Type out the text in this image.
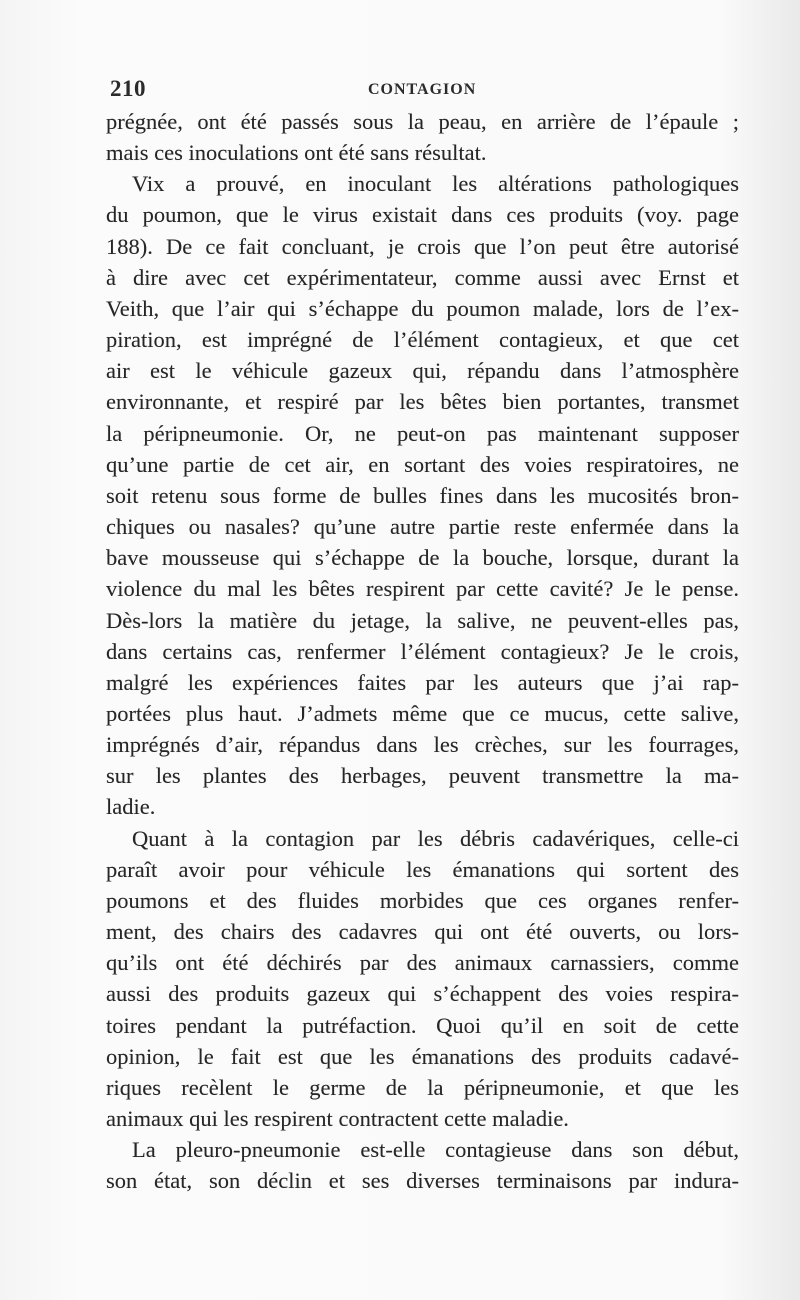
210	CONTAGION
prégnée, ont été passés sous la peau, en arrière de l’épaule ;
mais ces inoculations ont été sans résultat.
Vix a prouvé, en inoculant les altérations pathologiques
du poumon, que le virus existait dans ces produits (voy. page
188). De ce fait concluant, je crois que l’on peut être autorisé
à dire avec cet expérimentateur, comme aussi avec Ernst et
Veith, que l’air qui s’échappe du poumon malade, lors de l’ex-
piration, est imprégné de l’élément contagieux, et que cet
air est le véhicule gazeux qui, répandu dans l’atmosphère
environnante, et respiré par les bêtes bien portantes, transmet
la péripneumonie. Or, ne peut-on pas maintenant supposer
qu’une partie de cet air, en sortant des voies respiratoires, ne
soit retenu sous forme de bulles fines dans les mucosités bron-
chiques ou nasales? qu’une autre partie reste enfermée dans la
bave mousseuse qui s’échappe de la bouche, lorsque, durant la
violence du mal les bêtes respirent par cette cavité? Je le pense.
Dès-lors la matière du jetage, la salive, ne peuvent-elles pas,
dans certains cas, renfermer l’élément contagieux? Je le crois,
malgré les expériences faites par les auteurs que j’ai rap-
portées plus haut. J’admets même que ce mucus, cette salive,
imprégnés d’air, répandus dans les crèches, sur les fourrages,
sur les plantes des herbages, peuvent transmettre la ma-
ladie.
Quant à la contagion par les débris cadavériques, celle-ci
paraît avoir pour véhicule les émanations qui sortent des
poumons et des fluides morbides que ces organes renfer-
ment, des chairs des cadavres qui ont été ouverts, ou lors-
qu’ils ont été déchirés par des animaux carnassiers, comme
aussi des produits gazeux qui s’échappent des voies respira-
toires pendant la putréfaction. Quoi qu’il en soit de cette
opinion, le fait est que les émanations des produits cadavé-
riques recèlent le germe de la péripneumonie, et que les
animaux qui les respirent contractent cette maladie.
La pleuro-pneumonie est-elle contagieuse dans son début,
son état, son déclin et ses diverses terminaisons par indura-
